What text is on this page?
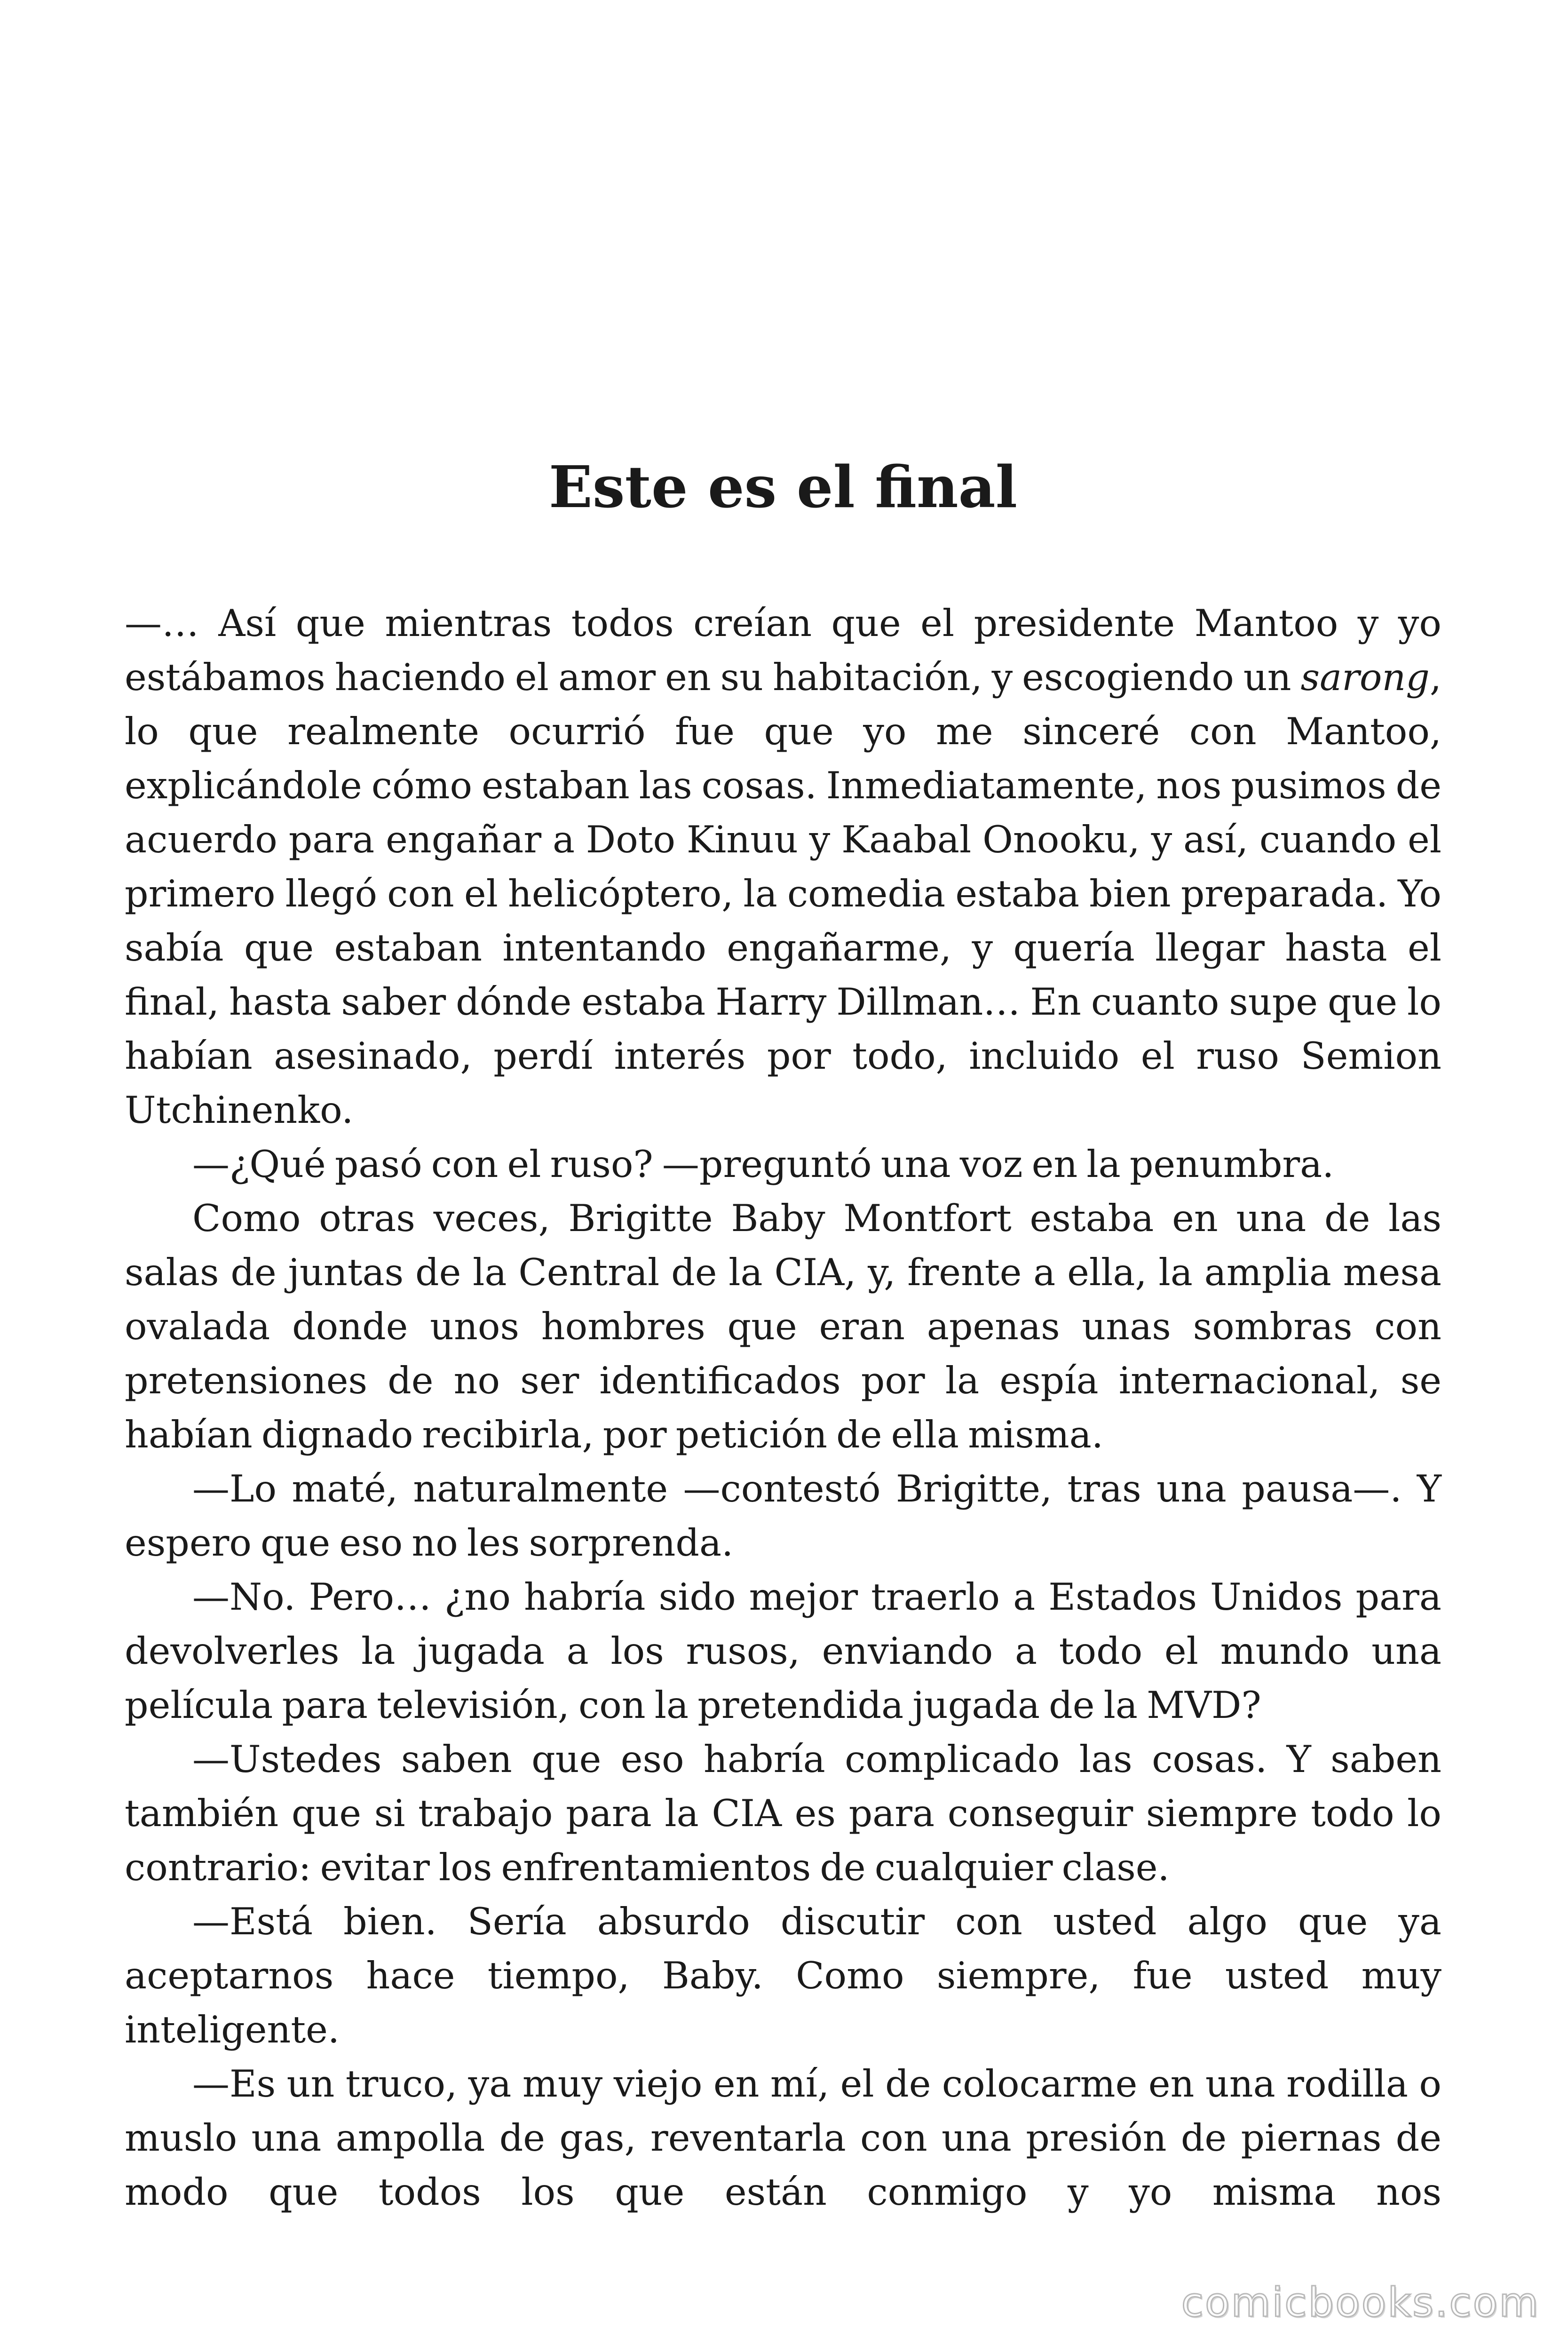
Este es el final

—… Así que mientras todos creían que el presidente Mantoo y yo estábamos haciendo el amor en su habitación, y escogiendo un sarong, lo que realmente ocurrió fue que yo me sinceré con Mantoo, explicándole cómo estaban las cosas. Inmediatamente, nos pusimos de acuerdo para engañar a Doto Kinuu y Kaabal Onooku, y así, cuando el primero llegó con el helicóptero, la comedia estaba bien preparada. Yo sabía que estaban intentando engañarme, y quería llegar hasta el final, hasta saber dónde estaba Harry Dillman… En cuanto supe que lo habían asesinado, perdí interés por todo, incluido el ruso Semion Utchinenko.

—¿Qué pasó con el ruso? —preguntó una voz en la penumbra.

Como otras veces, Brigitte Baby Montfort estaba en una de las salas de juntas de la Central de la CIA, y, frente a ella, la amplia mesa ovalada donde unos hombres que eran apenas unas sombras con pretensiones de no ser identificados por la espía internacional, se habían dignado recibirla, por petición de ella misma.

—Lo maté, naturalmente —contestó Brigitte, tras una pausa—. Y espero que eso no les sorprenda.

—No. Pero… ¿no habría sido mejor traerlo a Estados Unidos para devolverles la jugada a los rusos, enviando a todo el mundo una película para televisión, con la pretendida jugada de la MVD?

—Ustedes saben que eso habría complicado las cosas. Y saben también que si trabajo para la CIA es para conseguir siempre todo lo contrario: evitar los enfrentamientos de cualquier clase.

—Está bien. Sería absurdo discutir con usted algo que ya aceptarnos hace tiempo, Baby. Como siempre, fue usted muy inteligente.

—Es un truco, ya muy viejo en mí, el de colocarme en una rodilla o muslo una ampolla de gas, reventarla con una presión de piernas de modo que todos los que están conmigo y yo misma nos

comicbooks.com
